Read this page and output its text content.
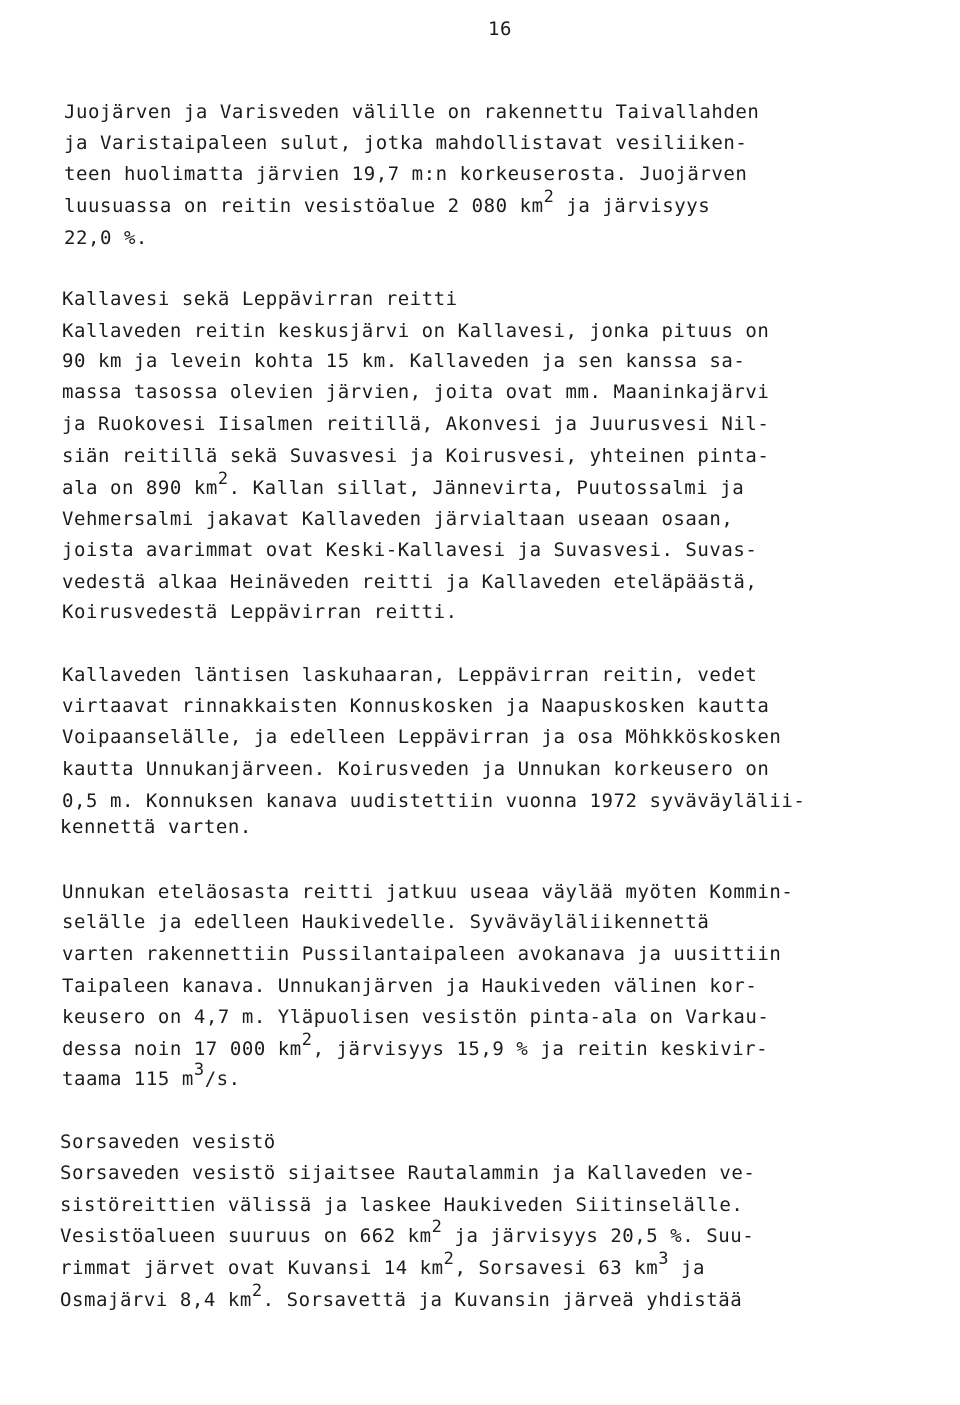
16
Juojärven ja Varisveden välille on rakennettu Taivallahden
ja Varistaipaleen sulut, jotka mahdollistavat vesiliiken-
teen huolimatta järvien 19,7 m:n korkeuserosta. Juojärven
luusuassa on reitin vesistöalue 2 080 km2 ja järvisyys
22,0 %.
Kallavesi sekä Leppävirran reitti
Kallaveden reitin keskusjärvi on Kallavesi, jonka pituus on
90 km ja levein kohta 15 km. Kallaveden ja sen kanssa sa-
massa tasossa olevien järvien, joita ovat mm. Maaninkajärvi
ja Ruokovesi Iisalmen reitillä, Akonvesi ja Juurusvesi Nil-
siän reitillä sekä Suvasvesi ja Koirusvesi, yhteinen pinta-
ala on 890 km2. Kallan sillat, Jännevirta, Puutossalmi ja
Vehmersalmi jakavat Kallaveden järvialtaan useaan osaan,
joista avarimmat ovat Keski-Kallavesi ja Suvasvesi. Suvas-
vedestä alkaa Heinäveden reitti ja Kallaveden eteläpäästä,
Koirusvedestä Leppävirran reitti.
Kallaveden läntisen laskuhaaran, Leppävirran reitin, vedet
virtaavat rinnakkaisten Konnuskosken ja Naapuskosken kautta
Voipaanselälle, ja edelleen Leppävirran ja osa Möhkköskosken
kautta Unnukanjärveen. Koirusveden ja Unnukan korkeusero on
0,5 m. Konnuksen kanava uudistettiin vuonna 1972 syväväylälii-
kennettä varten.
Unnukan eteläosasta reitti jatkuu useaa väylää myöten Kommin-
selälle ja edelleen Haukivedelle. Syväväyläliikennettä
varten rakennettiin Pussilantaipaleen avokanava ja uusittiin
Taipaleen kanava. Unnukanjärven ja Haukiveden välinen kor-
keusero on 4,7 m. Yläpuolisen vesistön pinta-ala on Varkau-
dessa noin 17 000 km2, järvisyys 15,9 % ja reitin keskivir-
taama 115 m3/s.
Sorsaveden vesistö
Sorsaveden vesistö sijaitsee Rautalammin ja Kallaveden ve-
sistöreittien välissä ja laskee Haukiveden Siitinselälle.
Vesistöalueen suuruus on 662 km2 ja järvisyys 20,5 %. Suu-
rimmat järvet ovat Kuvansi 14 km2, Sorsavesi 63 km3 ja
Osmajärvi 8,4 km2. Sorsavettä ja Kuvansin järveä yhdistää
